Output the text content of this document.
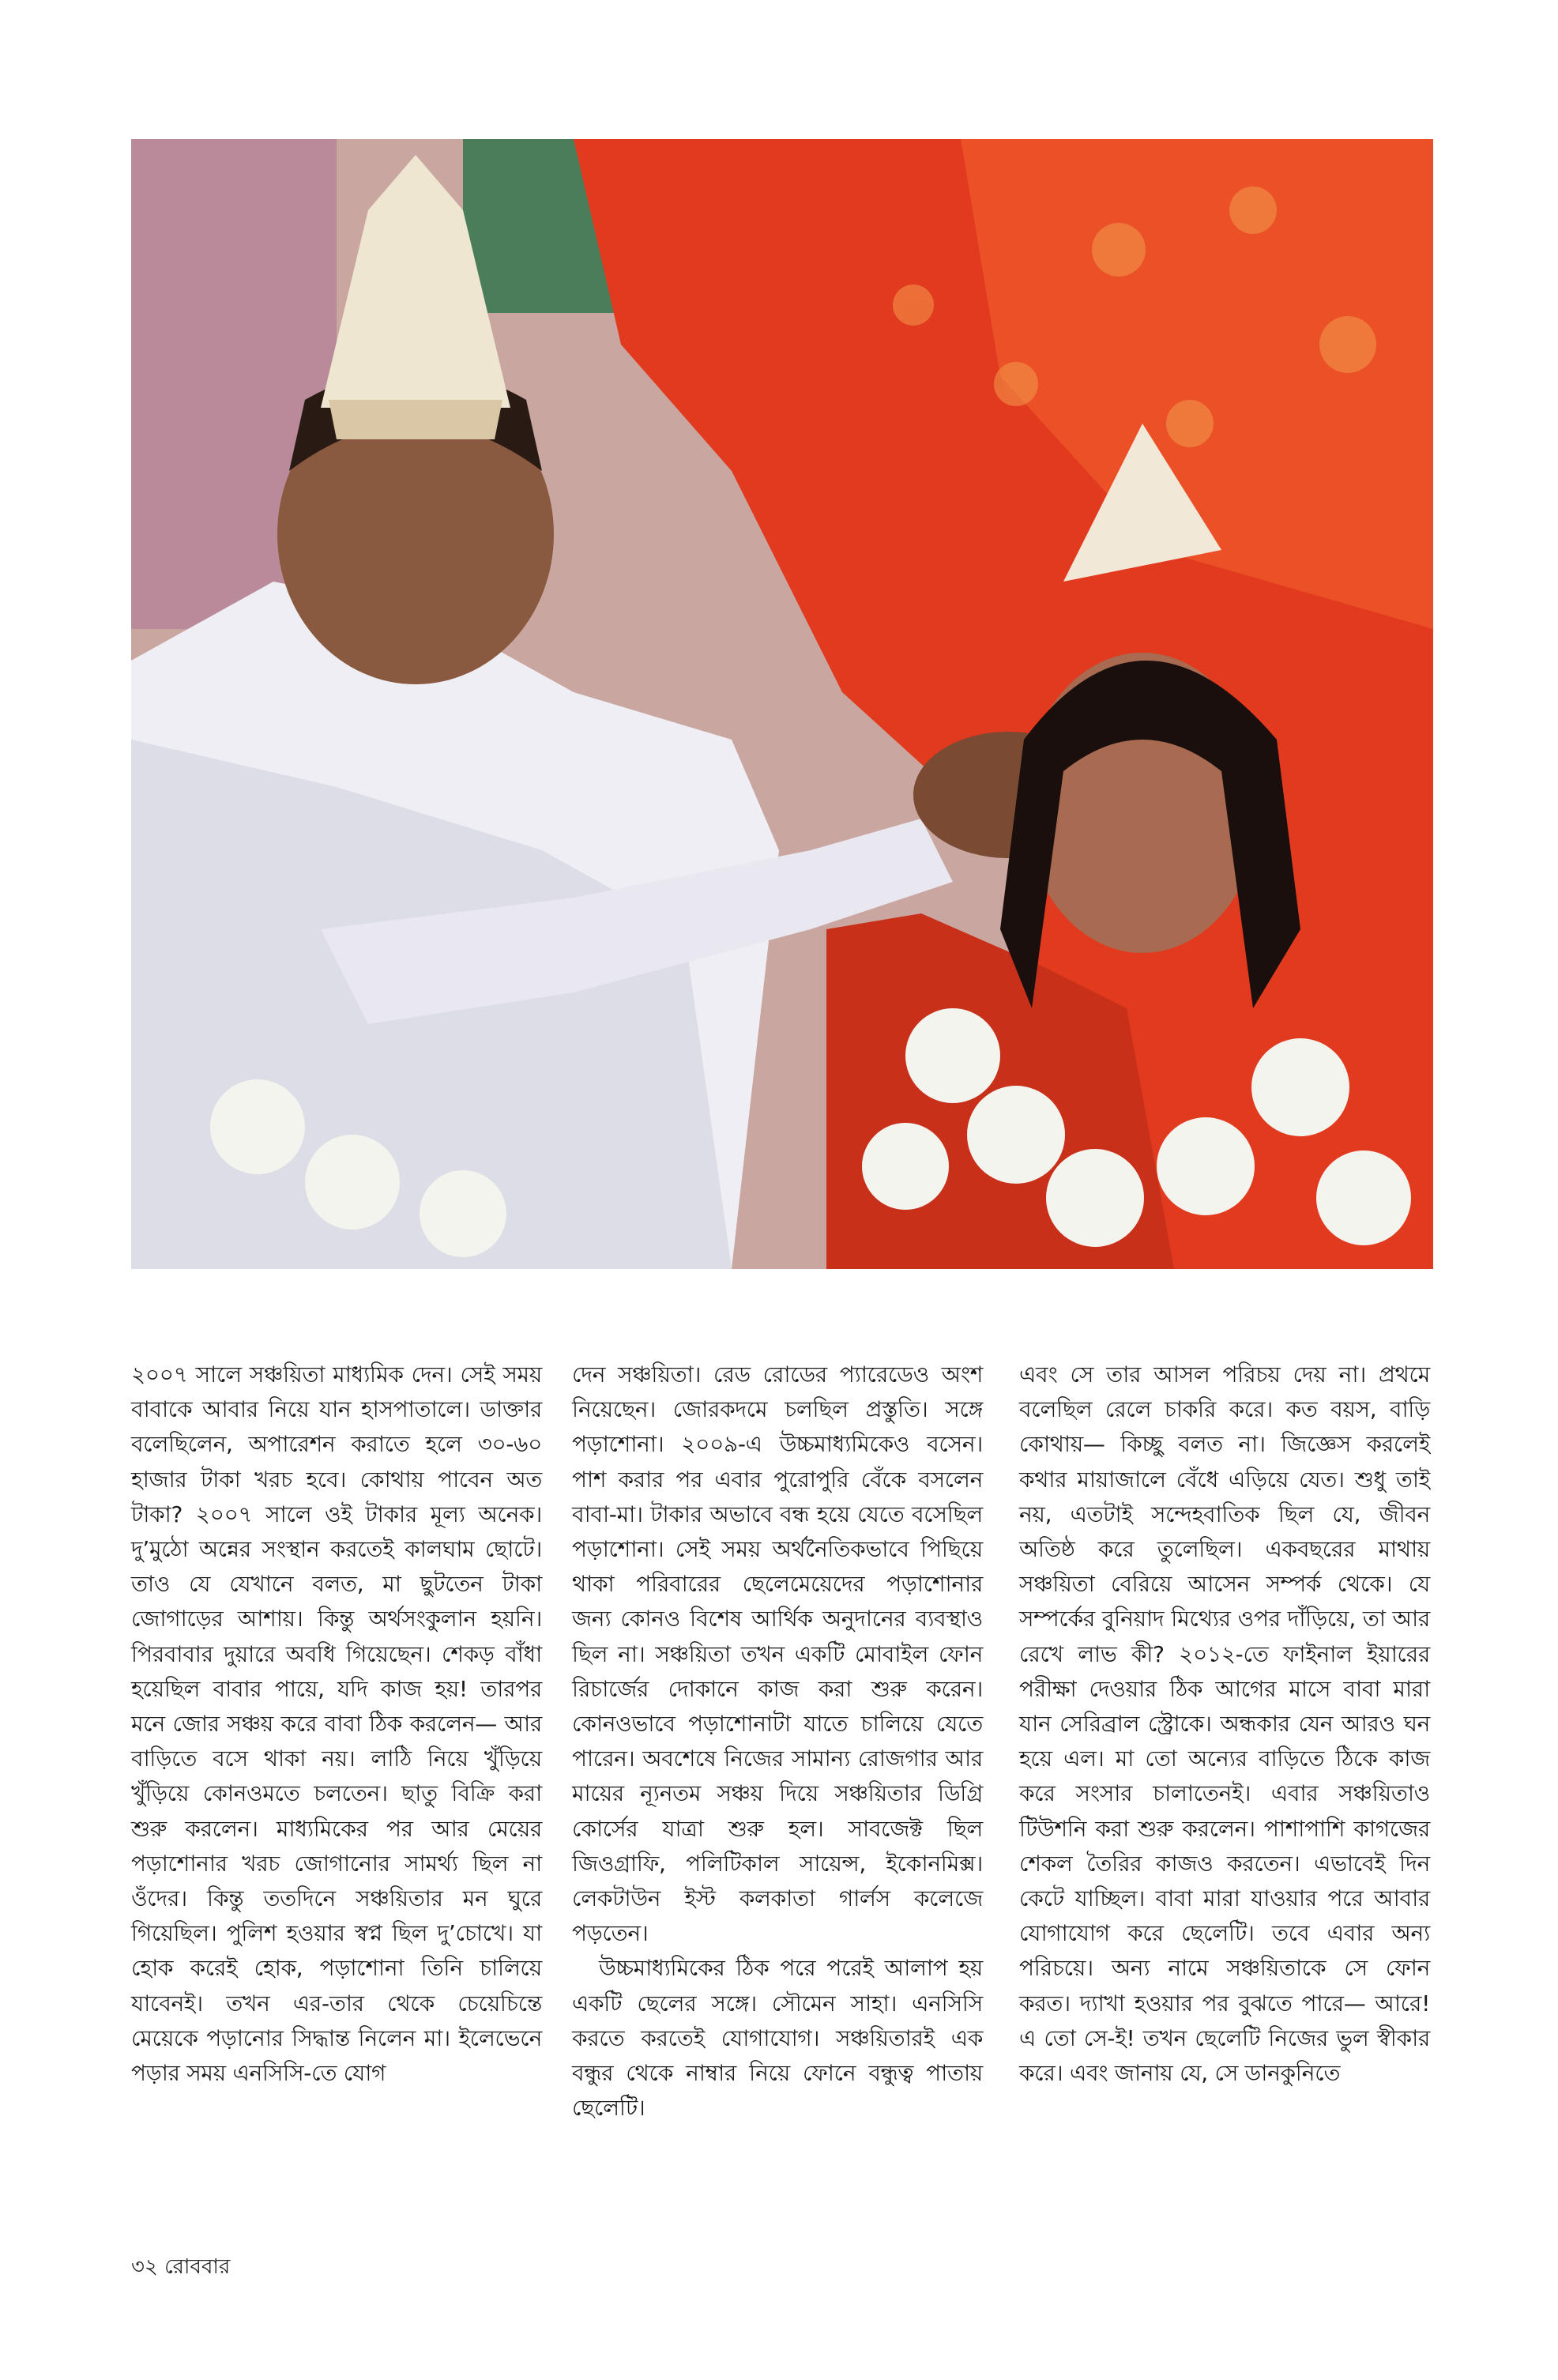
২০০৭ সালে সঞ্চয়িতা মাধ্যমিক দেন। সেই সময় বাবাকে আবার নিয়ে যান হাসপাতালে। ডাক্তার বলেছিলেন, অপারেশন করাতে হলে ৩০-৬০ হাজার টাকা খরচ হবে। কোথায় পাবেন অত টাকা? ২০০৭ সালে ওই টাকার মূল্য অনেক। দু’মুঠো অন্নের সংস্থান করতেই কালঘাম ছোটে। তাও যে যেখানে বলত, মা ছুটতেন টাকা জোগাড়ের আশায়। কিন্তু অর্থসংকুলান হয়নি। পিরবাবার দুয়ারে অবধি গিয়েছেন। শেকড় বাঁধা হয়েছিল বাবার পায়ে, যদি কাজ হয়! তারপর মনে জোর সঞ্চয় করে বাবা ঠিক করলেন— আর বাড়িতে বসে থাকা নয়। লাঠি নিয়ে খুঁড়িয়ে খুঁড়িয়ে কোনওমতে চলতেন। ছাতু বিক্রি করা শুরু করলেন। মাধ্যমিকের পর আর মেয়ের পড়াশোনার খরচ জোগানোর সামর্থ্য ছিল না ওঁদের। কিন্তু ততদিনে সঞ্চয়িতার মন ঘুরে গিয়েছিল। পুলিশ হওয়ার স্বপ্ন ছিল দু’চোখে। যা হোক করেই হোক, পড়াশোনা তিনি চালিয়ে যাবেনই। তখন এর-তার থেকে চেয়েচিন্তে মেয়েকে পড়ানোর সিদ্ধান্ত নিলেন মা। ইলেভেনে পড়ার সময় এনসিসি-তে যোগ

দেন সঞ্চয়িতা। রেড রোডের প্যারেডেও অংশ নিয়েছেন। জোরকদমে চলছিল প্রস্তুতি। সঙ্গে পড়াশোনা। ২০০৯-এ উচ্চমাধ্যমিকেও বসেন। পাশ করার পর এবার পুরোপুরি বেঁকে বসলেন বাবা-মা। টাকার অভাবে বন্ধ হয়ে যেতে বসেছিল পড়াশোনা। সেই সময় অর্থনৈতিকভাবে পিছিয়ে থাকা পরিবারের ছেলেমেয়েদের পড়াশোনার জন্য কোনও বিশেষ আর্থিক অনুদানের ব্যবস্থাও ছিল না। সঞ্চয়িতা তখন একটি মোবাইল ফোন রিচার্জের দোকানে কাজ করা শুরু করেন। কোনওভাবে পড়াশোনাটা যাতে চালিয়ে যেতে পারেন। অবশেষে নিজের সামান্য রোজগার আর মায়ের ন্যূনতম সঞ্চয় দিয়ে সঞ্চয়িতার ডিগ্রি কোর্সের যাত্রা শুরু হল। সাবজেক্ট ছিল জিওগ্রাফি, পলিটিকাল সায়েন্স, ইকোনমিক্স। লেকটাউন ইস্ট কলকাতা গার্লস কলেজে পড়তেন।

উচ্চমাধ্যমিকের ঠিক পরে পরেই আলাপ হয় একটি ছেলের সঙ্গে। সৌমেন সাহা। এনসিসি করতে করতেই যোগাযোগ। সঞ্চয়িতারই এক বন্ধুর থেকে নাম্বার নিয়ে ফোনে বন্ধুত্ব পাতায় ছেলেটি।

এবং সে তার আসল পরিচয় দেয় না। প্রথমে বলেছিল রেলে চাকরি করে। কত বয়স, বাড়ি কোথায়— কিচ্ছু বলত না। জিজ্ঞেস করলেই কথার মায়াজালে বেঁধে এড়িয়ে যেত। শুধু তাই নয়, এতটাই সন্দেহবাতিক ছিল যে, জীবন অতিষ্ঠ করে তুলেছিল। একবছরের মাথায় সঞ্চয়িতা বেরিয়ে আসেন সম্পর্ক থেকে। যে সম্পর্কের বুনিয়াদ মিথ্যের ওপর দাঁড়িয়ে, তা আর রেখে লাভ কী? ২০১২-তে ফাইনাল ইয়ারের পরীক্ষা দেওয়ার ঠিক আগের মাসে বাবা মারা যান সেরিব্রাল স্ট্রোকে। অন্ধকার যেন আরও ঘন হয়ে এল। মা তো অন্যের বাড়িতে ঠিকে কাজ করে সংসার চালাতেনই। এবার সঞ্চয়িতাও টিউশনি করা শুরু করলেন। পাশাপাশি কাগজের শেকল তৈরির কাজও করতেন। এভাবেই দিন কেটে যাচ্ছিল। বাবা মারা যাওয়ার পরে আবার যোগাযোগ করে ছেলেটি। তবে এবার অন্য পরিচয়ে। অন্য নামে সঞ্চয়িতাকে সে ফোন করত। দ্যাখা হওয়ার পর বুঝতে পারে— আরে! এ তো সে-ই! তখন ছেলেটি নিজের ভুল স্বীকার করে। এবং জানায় যে, সে ডানকুনিতে

৩২ রোববার
